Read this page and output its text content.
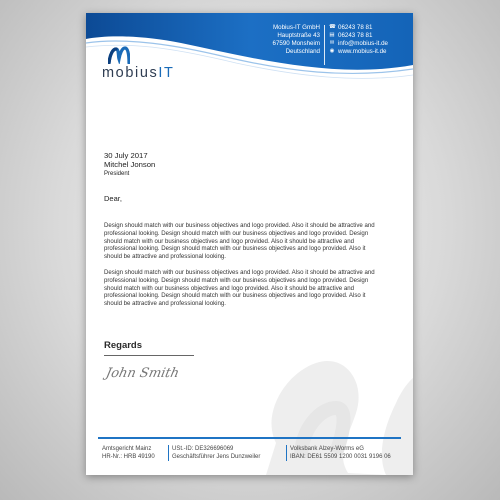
Mobius-IT GmbH
Hauptstraße 43
67590 Monsheim
Deutschland
☎ 06243 78 81
▤ 06243 78 81
✉ info@mobius-it.de
◉ www.mobius-it.de
mobiusIT
30 July 2017
Mitchel Jonson
President
Dear,
Design should match with our business objectives and logo provided. Also it should be attractive and professional looking. Design should match with our business objectives and logo provided. Design should match with our business objectives and logo provided. Also it should be attractive and professional looking. Design should match with our business objectives and logo provided. Also it should be attractive and professional looking.
Design should match with our business objectives and logo provided. Also it should be attractive and professional looking. Design should match with our business objectives and logo provided. Design should match with our business objectives and logo provided. Also it should be attractive and professional looking. Design should match with our business objectives and logo provided. Also it should be attractive and professional looking.
Regards
John Smith
Amtsgericht Mainz
HR-Nr.: HRB 49190
USt.-ID: DE326696069
Geschäftsführer Jens Dunzweiler
Volksbank Alzey-Worms eG
IBAN: DE61 5509 1200 0031 9196 06
